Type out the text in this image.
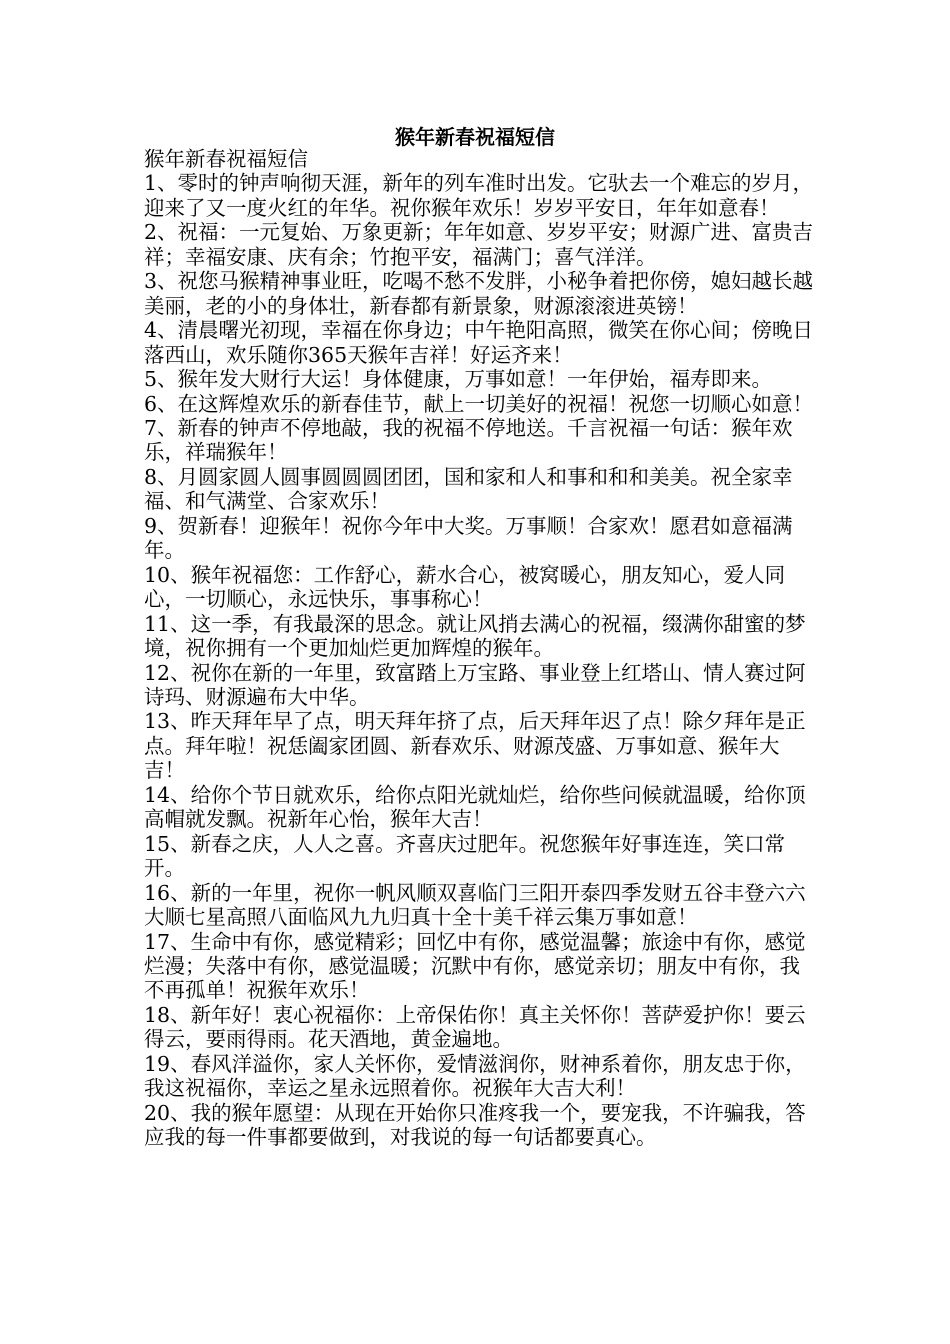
猴年新春祝福短信

猴年新春祝福短信

1、零时的钟声响彻天涯，新年的列车准时出发。它驮去一个难忘的岁月，迎来了又一度火红的年华。祝你猴年欢乐！岁岁平安日，年年如意春！

2、祝福：一元复始、万象更新；年年如意、岁岁平安；财源广进、富贵吉祥；幸福安康、庆有余；竹抱平安，福满门；喜气洋洋。

3、祝您马猴精神事业旺，吃喝不愁不发胖，小秘争着把你傍，媳妇越长越美丽，老的小的身体壮，新春都有新景象，财源滚滚进英镑！

4、清晨曙光初现，幸福在你身边；中午艳阳高照，微笑在你心间；傍晚日落西山，欢乐随你365天猴年吉祥！好运齐来！

5、猴年发大财行大运！身体健康，万事如意！一年伊始，福寿即来。

6、在这辉煌欢乐的新春佳节，献上一切美好的祝福！祝您一切顺心如意！

7、新春的钟声不停地敲，我的祝福不停地送。千言祝福一句话：猴年欢乐，祥瑞猴年！

8、月圆家圆人圆事圆圆圆团团，国和家和人和事和和和美美。祝全家幸福、和气满堂、合家欢乐！

9、贺新春！迎猴年！祝你今年中大奖。万事顺！合家欢！愿君如意福满年。

10、猴年祝福您：工作舒心，薪水合心，被窝暖心，朋友知心，爱人同心，一切顺心，永远快乐，事事称心！

11、这一季，有我最深的思念。就让风捎去满心的祝福，缀满你甜蜜的梦境，祝你拥有一个更加灿烂更加辉煌的猴年。

12、祝你在新的一年里，致富踏上万宝路、事业登上红塔山、情人赛过阿诗玛、财源遍布大中华。

13、昨天拜年早了点，明天拜年挤了点，后天拜年迟了点！除夕拜年是正点。拜年啦！祝恁阖家团圆、新春欢乐、财源茂盛、万事如意、猴年大吉！

14、给你个节日就欢乐，给你点阳光就灿烂，给你些问候就温暖，给你顶高帽就发飘。祝新年心怡，猴年大吉！

15、新春之庆，人人之喜。齐喜庆过肥年。祝您猴年好事连连，笑口常开。

16、新的一年里，祝你一帆风顺双喜临门三阳开泰四季发财五谷丰登六六大顺七星高照八面临风九九归真十全十美千祥云集万事如意！

17、生命中有你，感觉精彩；回忆中有你，感觉温馨；旅途中有你，感觉烂漫；失落中有你，感觉温暖；沉默中有你，感觉亲切；朋友中有你，我不再孤单！祝猴年欢乐！

18、新年好！衷心祝福你：上帝保佑你！真主关怀你！菩萨爱护你！要云得云，要雨得雨。花天酒地，黄金遍地。

19、春风洋溢你，家人关怀你，爱情滋润你，财神系着你，朋友忠于你，我这祝福你，幸运之星永远照着你。祝猴年大吉大利！

20、我的猴年愿望：从现在开始你只准疼我一个，要宠我，不许骗我，答应我的每一件事都要做到，对我说的每一句话都要真心。
